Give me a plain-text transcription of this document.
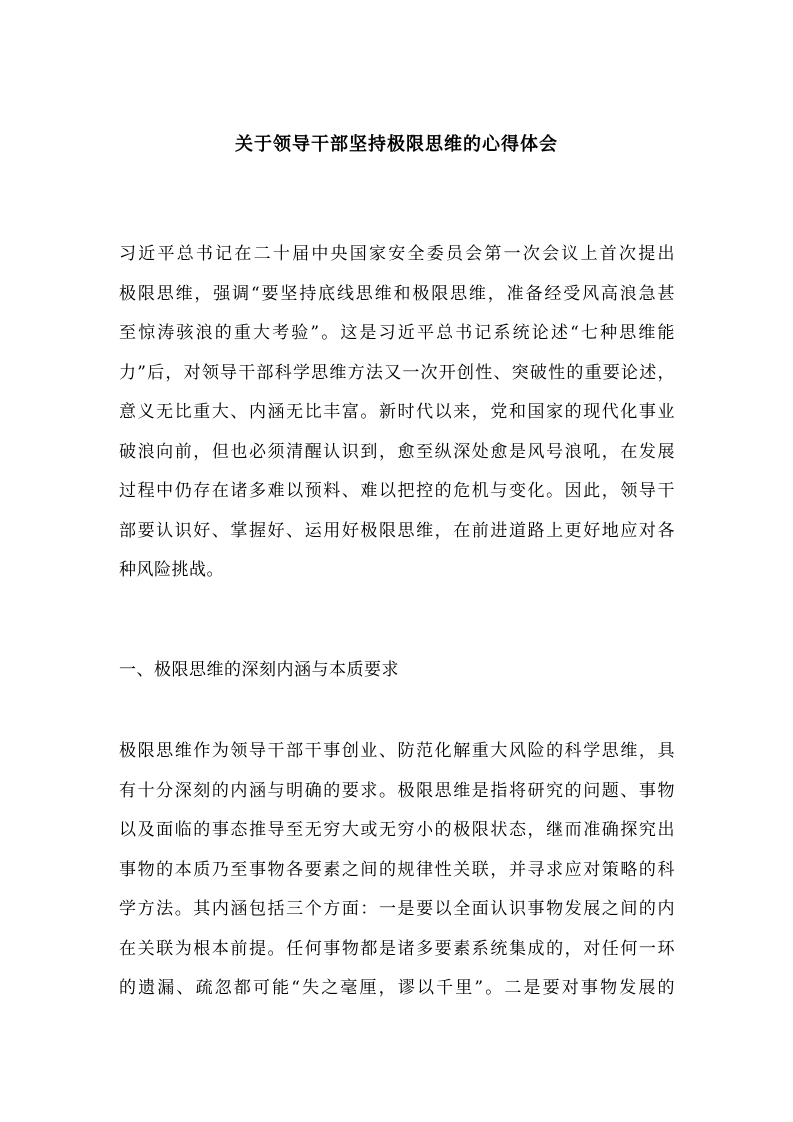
关于领导干部坚持极限思维的心得体会
习近平总书记在二十届中央国家安全委员会第一次会议上首次提出
极限思维，强调“要坚持底线思维和极限思维，准备经受风高浪急甚
至惊涛骇浪的重大考验”。这是习近平总书记系统论述“七种思维能
力”后，对领导干部科学思维方法又一次开创性、突破性的重要论述，
意义无比重大、内涵无比丰富。新时代以来，党和国家的现代化事业
破浪向前，但也必须清醒认识到，愈至纵深处愈是风号浪吼，在发展
过程中仍存在诸多难以预料、难以把控的危机与变化。因此，领导干
部要认识好、掌握好、运用好极限思维，在前进道路上更好地应对各
种风险挑战。
一、极限思维的深刻内涵与本质要求
极限思维作为领导干部干事创业、防范化解重大风险的科学思维，具
有十分深刻的内涵与明确的要求。极限思维是指将研究的问题、事物
以及面临的事态推导至无穷大或无穷小的极限状态，继而准确探究出
事物的本质乃至事物各要素之间的规律性关联，并寻求应对策略的科
学方法。其内涵包括三个方面：一是要以全面认识事物发展之间的内
在关联为根本前提。任何事物都是诸多要素系统集成的，对任何一环
的遗漏、疏忽都可能“失之毫厘，谬以千里”。二是要对事物发展的
